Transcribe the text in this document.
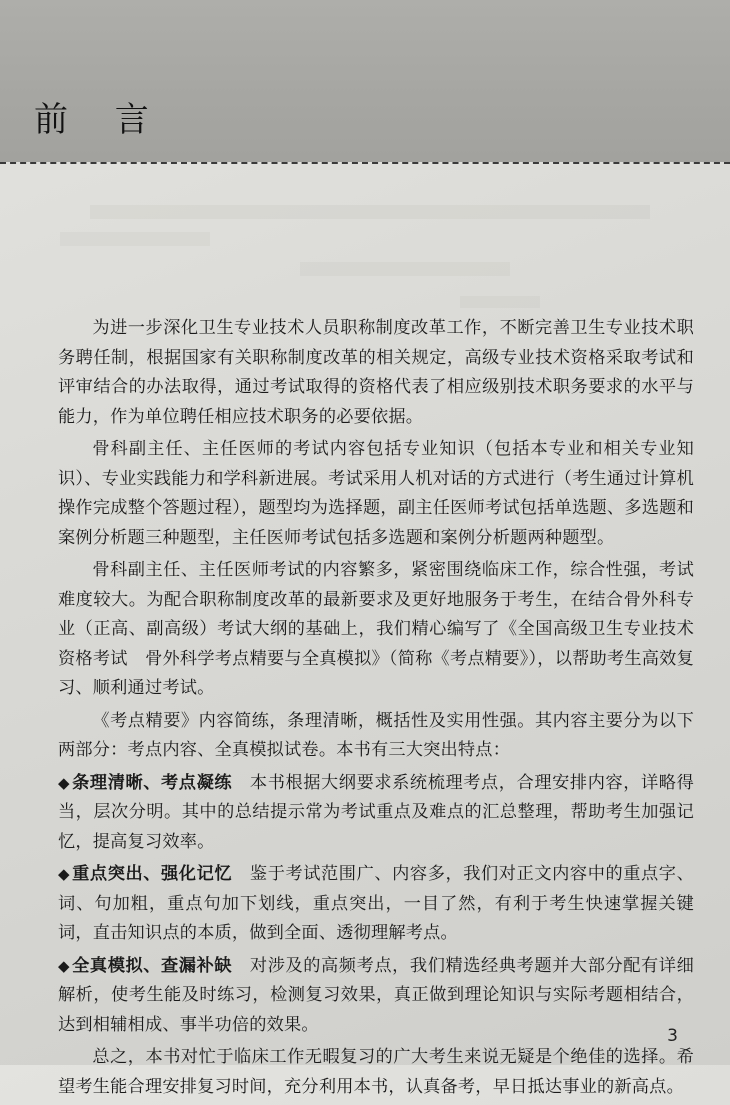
前 言

为进一步深化卫生专业技术人员职称制度改革工作，不断完善卫生专业技术职务聘任制，根据国家有关职称制度改革的相关规定，高级专业技术资格采取考试和评审结合的办法取得，通过考试取得的资格代表了相应级别技术职务要求的水平与能力，作为单位聘任相应技术职务的必要依据。

骨科副主任、主任医师的考试内容包括专业知识（包括本专业和相关专业知识）、专业实践能力和学科新进展。考试采用人机对话的方式进行（考生通过计算机操作完成整个答题过程），题型均为选择题，副主任医师考试包括单选题、多选题和案例分析题三种题型，主任医师考试包括多选题和案例分析题两种题型。

骨科副主任、主任医师考试的内容繁多，紧密围绕临床工作，综合性强，考试难度较大。为配合职称制度改革的最新要求及更好地服务于考生，在结合骨外科专业（正高、副高级）考试大纲的基础上，我们精心编写了《全国高级卫生专业技术资格考试　骨外科学考点精要与全真模拟》（简称《考点精要》），以帮助考生高效复习、顺利通过考试。

《考点精要》内容简练，条理清晰，概括性及实用性强。其内容主要分为以下两部分：考点内容、全真模拟试卷。本书有三大突出特点：

◆ 条理清晰、考点凝练　 本书根据大纲要求系统梳理考点，合理安排内容，详略得当，层次分明。其中的总结提示常为考试重点及难点的汇总整理，帮助考生加强记忆，提高复习效率。

◆ 重点突出、强化记忆　 鉴于考试范围广、内容多，我们对正文内容中的重点字、词、句加粗，重点句加下划线，重点突出，一目了然，有利于考生快速掌握关键词，直击知识点的本质，做到全面、透彻理解考点。

◆ 全真模拟、查漏补缺　 对涉及的高频考点，我们精选经典考题并大部分配有详细解析，使考生能及时练习，检测复习效果，真正做到理论知识与实际考题相结合，达到相辅相成、事半功倍的效果。

总之，本书对忙于临床工作无暇复习的广大考生来说无疑是个绝佳的选择。希望考生能合理安排复习时间，充分利用本书，认真备考，早日抵达事业的新高点。

3
